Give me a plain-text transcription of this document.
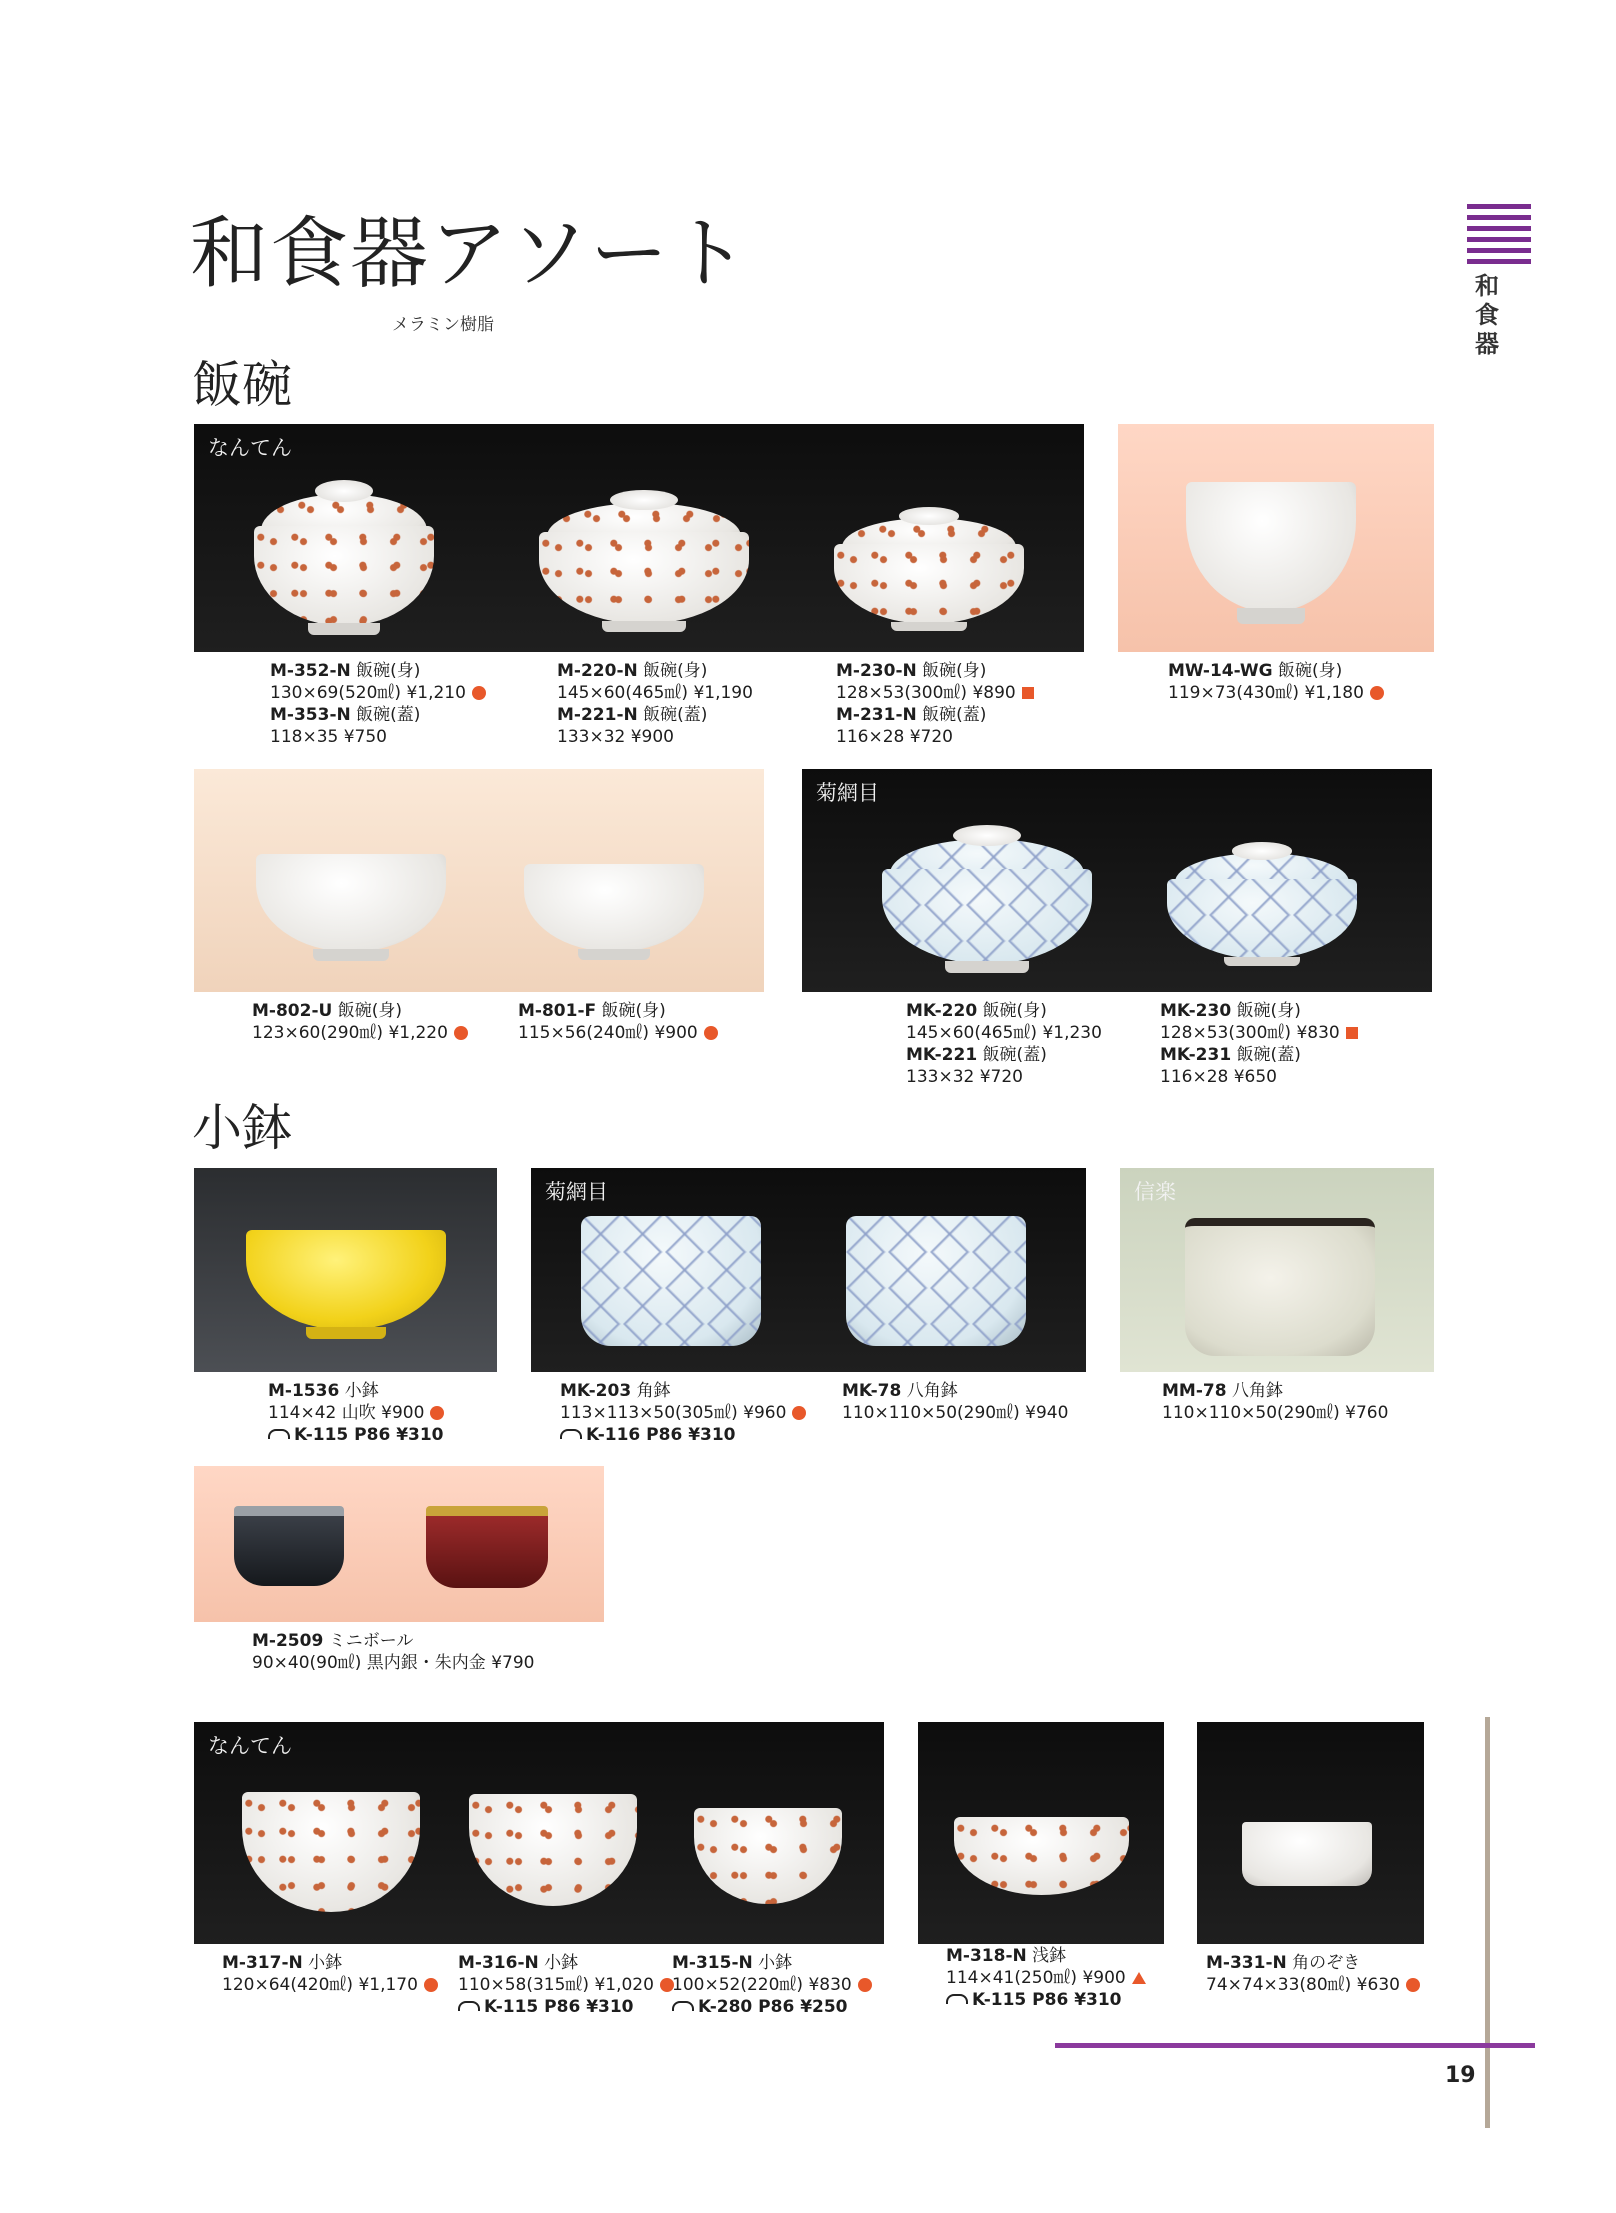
和食器アソート
メラミン樹脂
和食器
飯碗
なんてん
M-352-N 飯碗(身)
130×69(520㎖) ¥1,210
M-353-N 飯碗(蓋)
118×35 ¥750
M-220-N 飯碗(身)
145×60(465㎖) ¥1,190
M-221-N 飯碗(蓋)
133×32 ¥900
M-230-N 飯碗(身)
128×53(300㎖) ¥890
M-231-N 飯碗(蓋)
116×28 ¥720
MW-14-WG 飯碗(身)
119×73(430㎖) ¥1,180
菊網目
M-802-U 飯碗(身)
123×60(290㎖) ¥1,220
M-801-F 飯碗(身)
115×56(240㎖) ¥900
MK-220 飯碗(身)
145×60(465㎖) ¥1,230
MK-221 飯碗(蓋)
133×32 ¥720
MK-230 飯碗(身)
128×53(300㎖) ¥830
MK-231 飯碗(蓋)
116×28 ¥650
小鉢
菊網目	信楽
M-1536 小鉢
114×42 山吹 ¥900
K-115 P86 ¥310
MK-203 角鉢
113×113×50(305㎖) ¥960
K-116 P86 ¥310
MK-78 八角鉢
110×110×50(290㎖) ¥940
MM-78 八角鉢
110×110×50(290㎖) ¥760
M-2509 ミニボール
90×40(90㎖) 黒内銀・朱内金 ¥790
なんてん
M-317-N 小鉢
120×64(420㎖) ¥1,170
M-316-N 小鉢
110×58(315㎖) ¥1,020
K-115 P86 ¥310
M-315-N 小鉢
100×52(220㎖) ¥830
K-280 P86 ¥250
M-318-N 浅鉢
114×41(250㎖) ¥900
K-115 P86 ¥310
M-331-N 角のぞき
74×74×33(80㎖) ¥630
19
